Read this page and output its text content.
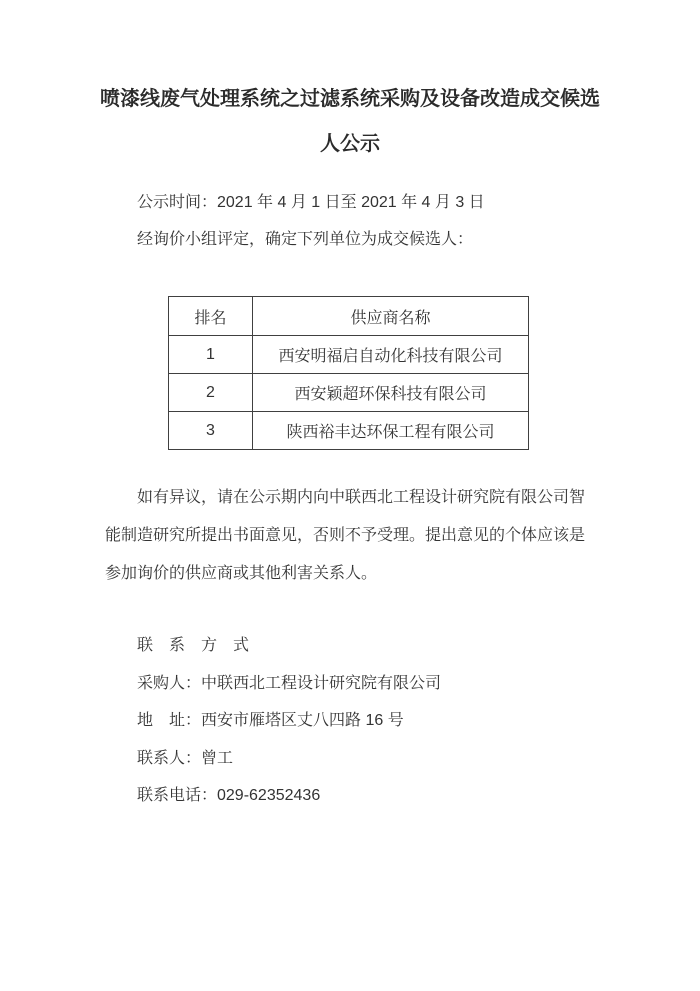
喷漆线废气处理系统之过滤系统采购及设备改造成交候选
人公示
公示时间：2021 年 4 月 1 日至 2021 年 4 月 3 日
经询价小组评定，确定下列单位为成交候选人：
排名	供应商名称
1	西安明福启自动化科技有限公司
2	西安颖超环保科技有限公司
3	陕西裕丰达环保工程有限公司
如有异议，请在公示期内向中联西北工程设计研究院有限公司智
能制造研究所提出书面意见，否则不予受理。提出意见的个体应该是
参加询价的供应商或其他利害关系人。
联　系　方　式
采购人：中联西北工程设计研究院有限公司
地　址：西安市雁塔区丈八四路 16 号
联系人：曾工
联系电话：029-62352436
